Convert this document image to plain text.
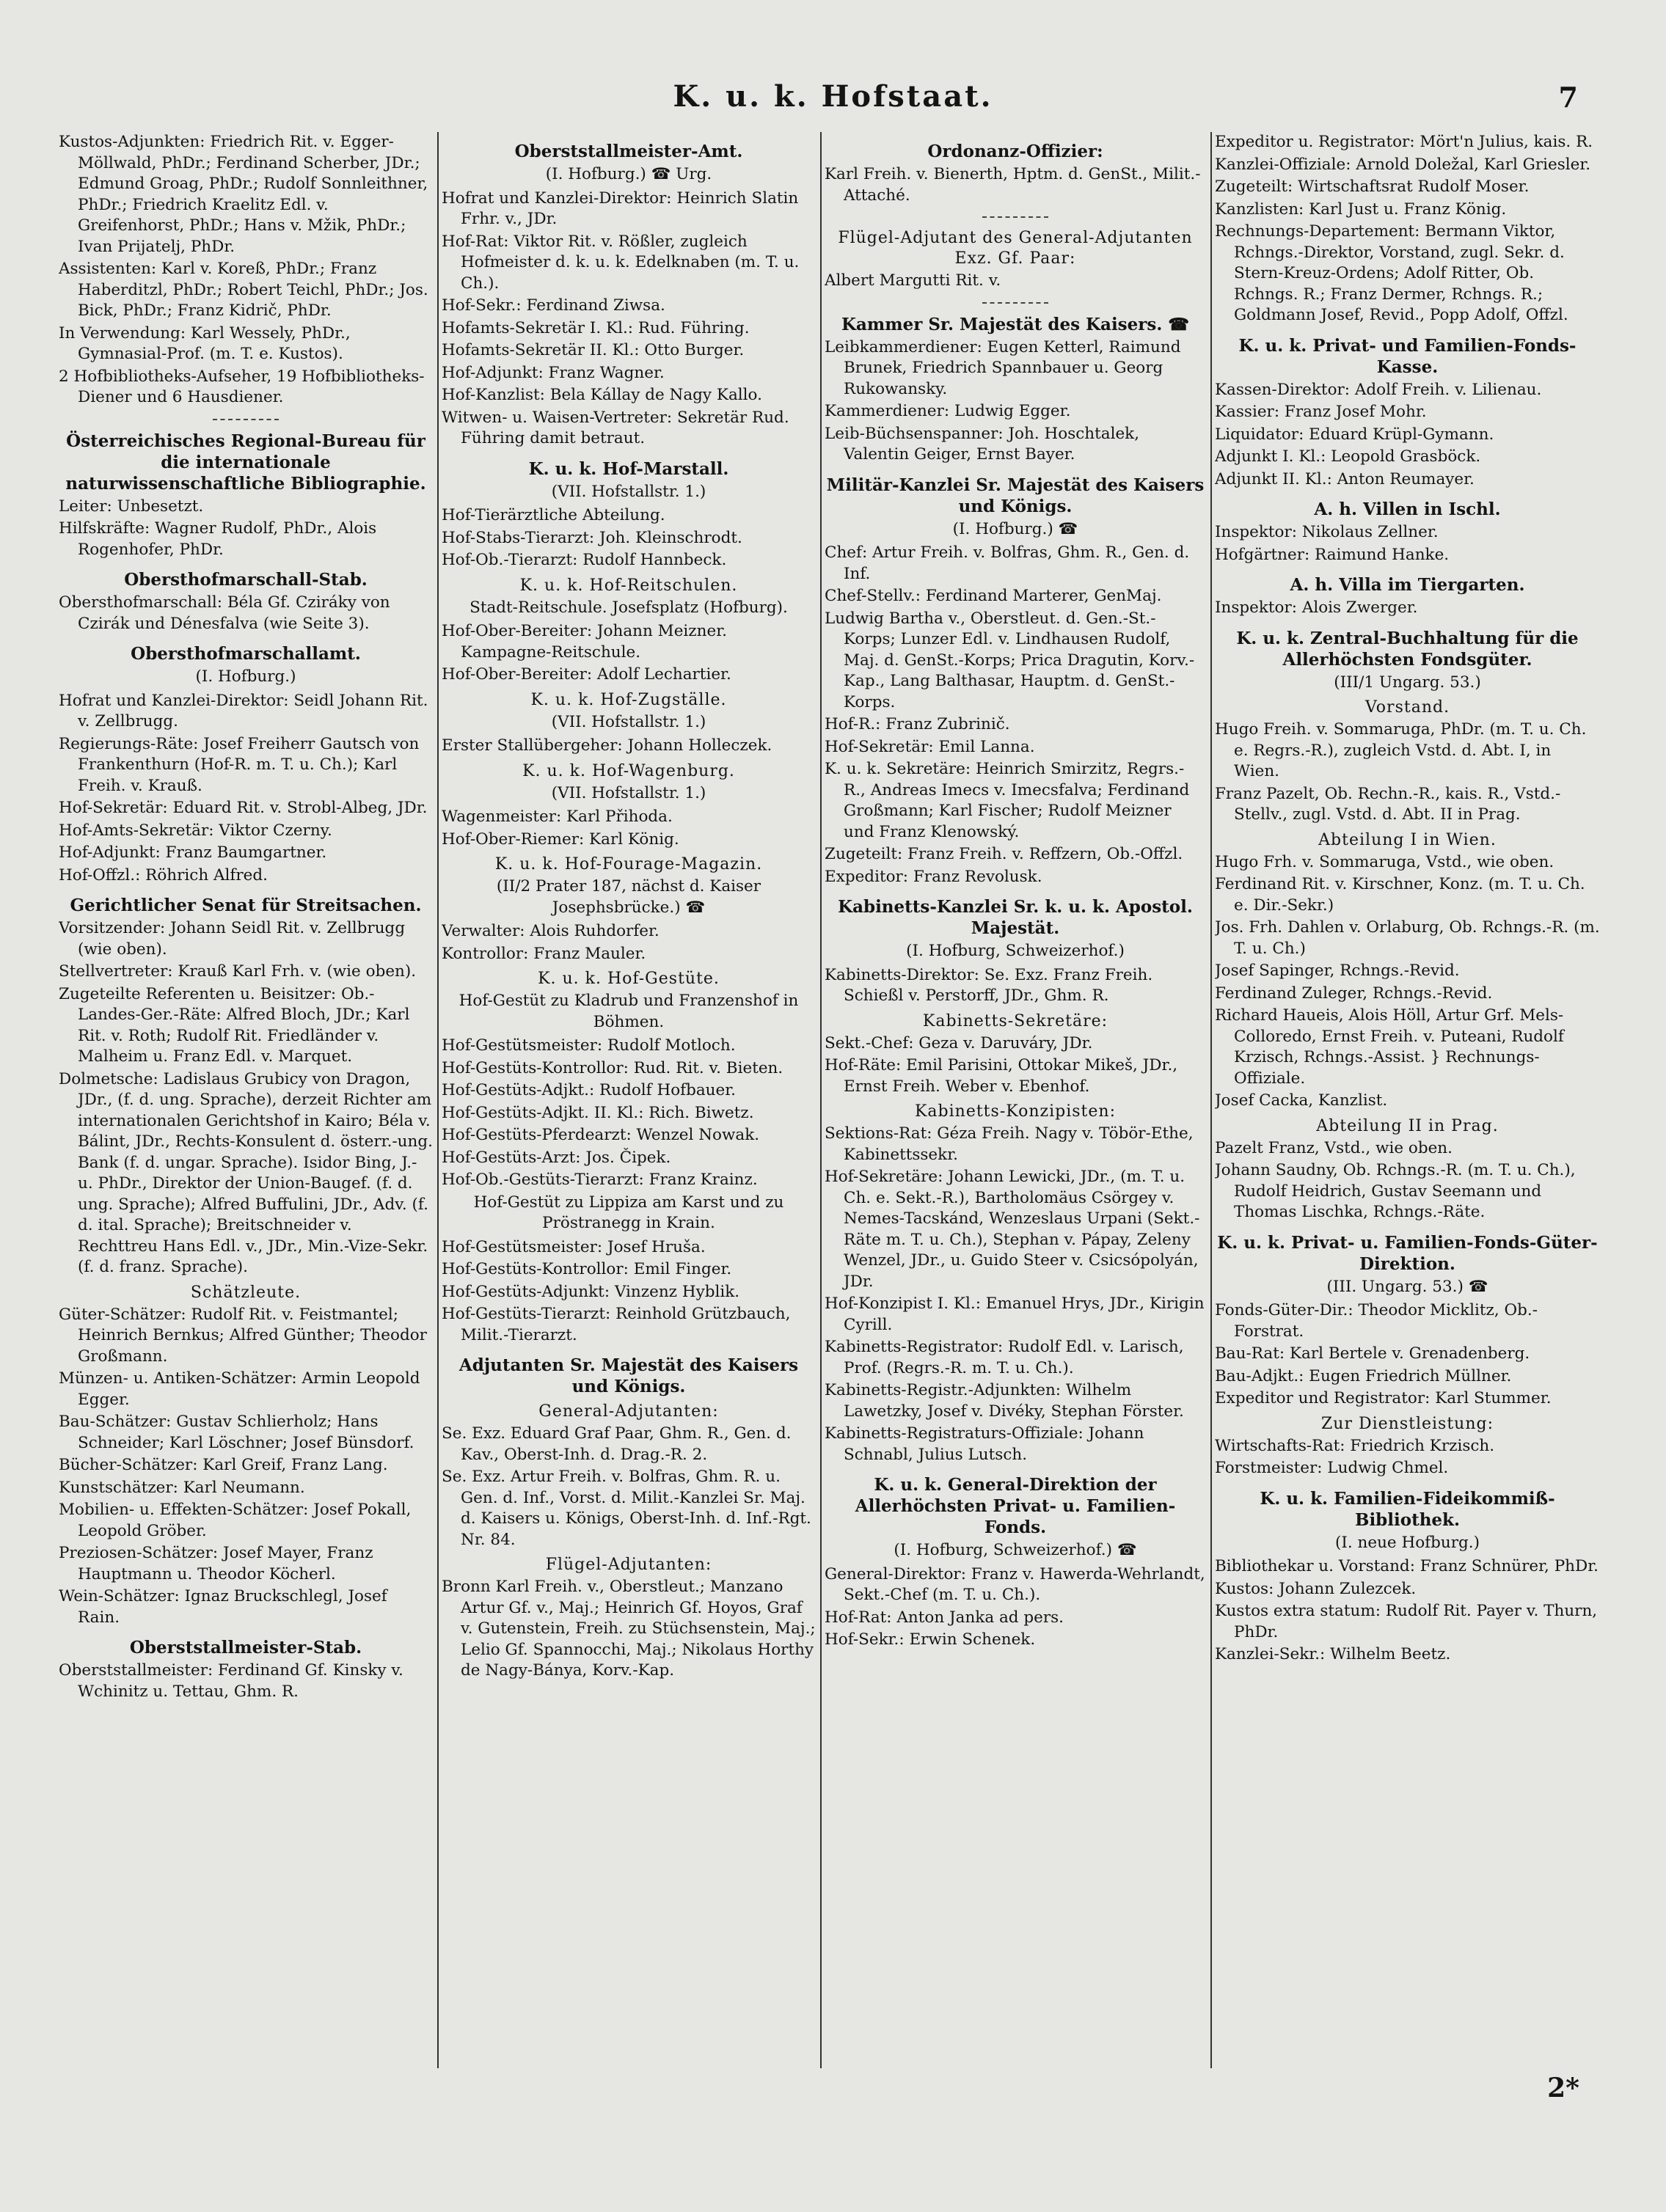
K. u. k. Hofstaat.	7

Kustos-Adjunkten: Friedrich Rit. v. Egger-Möllwald, PhDr.; Ferdinand Scherber, JDr.; Edmund Groag, PhDr.; Rudolf Sonnleithner, PhDr.; Friedrich Kraelitz Edl. v. Greifenhorst, PhDr.; Hans v. Mžik, PhDr.; Ivan Prijatelj, PhDr.

Assistenten: Karl v. Koreß, PhDr.; Franz Haberditzl, PhDr.; Robert Teichl, PhDr.; Jos. Bick, PhDr.; Franz Kidrič, PhDr.

In Verwendung: Karl Wessely, PhDr., Gymnasial-Prof. (m. T. e. Kustos).

2 Hofbibliotheks-Aufseher, 19 Hofbibliotheks-Diener und 6 Hausdiener.

Österreichisches Regional-Bureau für die internationale naturwissenschaftliche Bibliographie.

Leiter: Unbesetzt.

Hilfskräfte: Wagner Rudolf, PhDr., Alois Rogenhofer, PhDr.

Obersthofmarschall-Stab.

Obersthofmarschall: Béla Gf. Cziráky von Czirák und Dénesfalva (wie Seite 3).

Obersthofmarschallamt.

(I. Hofburg.)

Hofrat und Kanzlei-Direktor: Seidl Johann Rit. v. Zellbrugg.

Regierungs-Räte: Josef Freiherr Gautsch von Frankenthurn (Hof-R. m. T. u. Ch.); Karl Freih. v. Krauß.

Hof-Sekretär: Eduard Rit. v. Strobl-Albeg, JDr.

Hof-Amts-Sekretär: Viktor Czerny.

Hof-Adjunkt: Franz Baumgartner.

Hof-Offzl.: Röhrich Alfred.

Gerichtlicher Senat für Streitsachen.

Vorsitzender: Johann Seidl Rit. v. Zellbrugg (wie oben).

Stellvertreter: Krauß Karl Frh. v. (wie oben).

Zugeteilte Referenten u. Beisitzer: Ob.-Landes-Ger.-Räte: Alfred Bloch, JDr.; Karl Rit. v. Roth; Rudolf Rit. Friedländer v. Malheim u. Franz Edl. v. Marquet.

Dolmetsche: Ladislaus Grubicy von Dragon, JDr., (f. d. ung. Sprache), derzeit Richter am internationalen Gerichtshof in Kairo; Béla v. Bálint, JDr., Rechts-Konsulent d. österr.-ung. Bank (f. d. ungar. Sprache). Isidor Bing, J.- u. PhDr., Direktor der Union-Baugef. (f. d. ung. Sprache); Alfred Buffulini, JDr., Adv. (f. d. ital. Sprache); Breitschneider v. Rechttreu Hans Edl. v., JDr., Min.-Vize-Sekr. (f. d. franz. Sprache).

Schätzleute.

Güter-Schätzer: Rudolf Rit. v. Feistmantel; Heinrich Bernkus; Alfred Günther; Theodor Großmann.

Münzen- u. Antiken-Schätzer: Armin Leopold Egger.

Bau-Schätzer: Gustav Schlierholz; Hans Schneider; Karl Löschner; Josef Bünsdorf.

Bücher-Schätzer: Karl Greif, Franz Lang.

Kunstschätzer: Karl Neumann.

Mobilien- u. Effekten-Schätzer: Josef Pokall, Leopold Gröber.

Preziosen-Schätzer: Josef Mayer, Franz Hauptmann u. Theodor Köcherl.

Wein-Schätzer: Ignaz Bruckschlegl, Josef Rain.

Oberststallmeister-Stab.

Oberststallmeister: Ferdinand Gf. Kinsky v. Wchinitz u. Tettau, Ghm. R.

Oberststallmeister-Amt.

(I. Hofburg.) ☎ Urg.

Hofrat und Kanzlei-Direktor: Heinrich Slatin Frhr. v., JDr.

Hof-Rat: Viktor Rit. v. Rößler, zugleich Hofmeister d. k. u. k. Edelknaben (m. T. u. Ch.).

Hof-Sekr.: Ferdinand Ziwsa.

Hofamts-Sekretär I. Kl.: Rud. Führing.

Hofamts-Sekretär II. Kl.: Otto Burger.

Hof-Adjunkt: Franz Wagner.

Hof-Kanzlist: Bela Kállay de Nagy Kallo.

Witwen- u. Waisen-Vertreter: Sekretär Rud. Führing damit betraut.

K. u. k. Hof-Marstall.

(VII. Hofstallstr. 1.)

Hof-Tierärztliche Abteilung.

Hof-Stabs-Tierarzt: Joh. Kleinschrodt.

Hof-Ob.-Tierarzt: Rudolf Hannbeck.

K. u. k. Hof-Reitschulen.

Stadt-Reitschule. Josefsplatz (Hofburg).

Hof-Ober-Bereiter: Johann Meizner. Kampagne-Reitschule.

Hof-Ober-Bereiter: Adolf Lechartier.

K. u. k. Hof-Zugställe.

(VII. Hofstallstr. 1.)

Erster Stallübergeher: Johann Holleczek.

K. u. k. Hof-Wagenburg.

(VII. Hofstallstr. 1.)

Wagenmeister: Karl Přihoda.

Hof-Ober-Riemer: Karl König.

K. u. k. Hof-Fourage-Magazin.

(II/2 Prater 187, nächst d. Kaiser Josephsbrücke.) ☎

Verwalter: Alois Ruhdorfer.

Kontrollor: Franz Mauler.

K. u. k. Hof-Gestüte.

Hof-Gestüt zu Kladrub und Franzenshof in Böhmen.

Hof-Gestütsmeister: Rudolf Motloch.

Hof-Gestüts-Kontrollor: Rud. Rit. v. Bieten.

Hof-Gestüts-Adjkt.: Rudolf Hofbauer.

Hof-Gestüts-Adjkt. II. Kl.: Rich. Biwetz.

Hof-Gestüts-Pferdearzt: Wenzel Nowak.

Hof-Gestüts-Arzt: Jos. Čipek.

Hof-Ob.-Gestüts-Tierarzt: Franz Krainz.

Hof-Gestüt zu Lippiza am Karst und zu Pröstranegg in Krain.

Hof-Gestütsmeister: Josef Hruša.

Hof-Gestüts-Kontrollor: Emil Finger.

Hof-Gestüts-Adjunkt: Vinzenz Hyblik.

Hof-Gestüts-Tierarzt: Reinhold Grützbauch, Milit.-Tierarzt.

Adjutanten Sr. Majestät des Kaisers und Königs.
General-Adjutanten:

Se. Exz. Eduard Graf Paar, Ghm. R., Gen. d. Kav., Oberst-Inh. d. Drag.-R. 2.

Se. Exz. Artur Freih. v. Bolfras, Ghm. R. u. Gen. d. Inf., Vorst. d. Milit.-Kanzlei Sr. Maj. d. Kaisers u. Königs, Oberst-Inh. d. Inf.-Rgt. Nr. 84.

Flügel-Adjutanten:

Bronn Karl Freih. v., Oberstleut.; Manzano Artur Gf. v., Maj.; Heinrich Gf. Hoyos, Graf v. Gutenstein, Freih. zu Stüchsenstein, Maj.; Lelio Gf. Spannocchi, Maj.; Nikolaus Horthy de Nagy-Bánya, Korv.-Kap.

Ordonanz-Offizier:

Karl Freih. v. Bienerth, Hptm. d. GenSt., Milit.-Attaché.

Flügel-Adjutant des General-Adjutanten Exz. Gf. Paar:

Albert Margutti Rit. v.

Kammer Sr. Majestät des Kaisers. ☎

Leibkammerdiener: Eugen Ketterl, Raimund Brunek, Friedrich Spannbauer u. Georg Rukowansky.

Kammerdiener: Ludwig Egger.

Leib-Büchsenspanner: Joh. Hoschtalek, Valentin Geiger, Ernst Bayer.

Militär-Kanzlei Sr. Majestät des Kaisers und Königs.

(I. Hofburg.) ☎

Chef: Artur Freih. v. Bolfras, Ghm. R., Gen. d. Inf.

Chef-Stellv.: Ferdinand Marterer, GenMaj.

Ludwig Bartha v., Oberstleut. d. Gen.-St.-Korps; Lunzer Edl. v. Lindhausen Rudolf, Maj. d. GenSt.-Korps; Prica Dragutin, Korv.-Kap., Lang Balthasar, Hauptm. d. GenSt.-Korps.

Hof-R.: Franz Zubrinič.

Hof-Sekretär: Emil Lanna.

K. u. k. Sekretäre: Heinrich Smirzitz, Regrs.-R., Andreas Imecs v. Imecsfalva; Ferdinand Großmann; Karl Fischer; Rudolf Meizner und Franz Klenowský.

Zugeteilt: Franz Freih. v. Reffzern, Ob.-Offzl.

Expeditor: Franz Revolusk.

Kabinetts-Kanzlei Sr. k. u. k. Apostol. Majestät.

(I. Hofburg, Schweizerhof.)

Kabinetts-Direktor: Se. Exz. Franz Freih. Schießl v. Perstorff, JDr., Ghm. R.

Kabinetts-Sekretäre:

Sekt.-Chef: Geza v. Daruváry, JDr.

Hof-Räte: Emil Parisini, Ottokar Mikeš, JDr., Ernst Freih. Weber v. Ebenhof.

Kabinetts-Konzipisten:

Sektions-Rat: Géza Freih. Nagy v. Töbör-Ethe, Kabinettssekr.

Hof-Sekretäre: Johann Lewicki, JDr., (m. T. u. Ch. e. Sekt.-R.), Bartholomäus Csörgey v. Nemes-Tacskánd, Wenzeslaus Urpani (Sekt.-Räte m. T. u. Ch.), Stephan v. Pápay, Zeleny Wenzel, JDr., u. Guido Steer v. Csicsópolyán, JDr.

Hof-Konzipist I. Kl.: Emanuel Hrys, JDr., Kirigin Cyrill.

Kabinetts-Registrator: Rudolf Edl. v. Larisch, Prof. (Regrs.-R. m. T. u. Ch.).

Kabinetts-Registr.-Adjunkten: Wilhelm Lawetzky, Josef v. Divéky, Stephan Förster.

Kabinetts-Registraturs-Offiziale: Johann Schnabl, Julius Lutsch.

K. u. k. General-Direktion der Allerhöchsten Privat- u. Familien-Fonds.

(I. Hofburg, Schweizerhof.) ☎

General-Direktor: Franz v. Hawerda-Wehrlandt, Sekt.-Chef (m. T. u. Ch.).

Hof-Rat: Anton Janka ad pers.

Hof-Sekr.: Erwin Schenek.

Expeditor u. Registrator: Mört'n Julius, kais. R.

Kanzlei-Offiziale: Arnold Doležal, Karl Griesler.

Zugeteilt: Wirtschaftsrat Rudolf Moser.

Kanzlisten: Karl Just u. Franz König.

Rechnungs-Departement: Bermann Viktor, Rchngs.-Direktor, Vorstand, zugl. Sekr. d. Stern-Kreuz-Ordens; Adolf Ritter, Ob. Rchngs. R.; Franz Dermer, Rchngs. R.; Goldmann Josef, Revid., Popp Adolf, Offzl.

K. u. k. Privat- und Familien-Fonds-Kasse.

Kassen-Direktor: Adolf Freih. v. Lilienau.

Kassier: Franz Josef Mohr.

Liquidator: Eduard Krüpl-Gymann.

Adjunkt I. Kl.: Leopold Grasböck.

Adjunkt II. Kl.: Anton Reumayer.

A. h. Villen in Ischl.

Inspektor: Nikolaus Zellner.

Hofgärtner: Raimund Hanke.

A. h. Villa im Tiergarten.

Inspektor: Alois Zwerger.

K. u. k. Zentral-Buchhaltung für die Allerhöchsten Fondsgüter.

(III/1 Ungarg. 53.)

Vorstand.

Hugo Freih. v. Sommaruga, PhDr. (m. T. u. Ch. e. Regrs.-R.), zugleich Vstd. d. Abt. I, in Wien.

Franz Pazelt, Ob. Rechn.-R., kais. R., Vstd.-Stellv., zugl. Vstd. d. Abt. II in Prag.

Abteilung I in Wien.

Hugo Frh. v. Sommaruga, Vstd., wie oben.

Ferdinand Rit. v. Kirschner, Konz. (m. T. u. Ch. e. Dir.-Sekr.)

Jos. Frh. Dahlen v. Orlaburg, Ob. Rchngs.-R. (m. T. u. Ch.)

Josef Sapinger, Rchngs.-Revid.

Ferdinand Zuleger, Rchngs.-Revid.

Richard Haueis, Alois Höll, Artur Grf. Mels-Colloredo, Ernst Freih. v. Puteani, Rudolf Krzisch, Rchngs.-Assist. } Rechnungs-Offiziale.

Josef Cacka, Kanzlist.

Abteilung II in Prag.

Pazelt Franz, Vstd., wie oben.

Johann Saudny, Ob. Rchngs.-R. (m. T. u. Ch.), Rudolf Heidrich, Gustav Seemann und Thomas Lischka, Rchngs.-Räte.

K. u. k. Privat- u. Familien-Fonds-Güter-Direktion.

(III. Ungarg. 53.) ☎

Fonds-Güter-Dir.: Theodor Micklitz, Ob.-Forstrat.

Bau-Rat: Karl Bertele v. Grenadenberg.

Bau-Adjkt.: Eugen Friedrich Müllner.

Expeditor und Registrator: Karl Stummer.

Zur Dienstleistung:

Wirtschafts-Rat: Friedrich Krzisch.

Forstmeister: Ludwig Chmel.

K. u. k. Familien-Fideikommiß-Bibliothek.

(I. neue Hofburg.)

Bibliothekar u. Vorstand: Franz Schnürer, PhDr.

Kustos: Johann Zulezcek.

Kustos extra statum: Rudolf Rit. Payer v. Thurn, PhDr.

Kanzlei-Sekr.: Wilhelm Beetz.

2*
